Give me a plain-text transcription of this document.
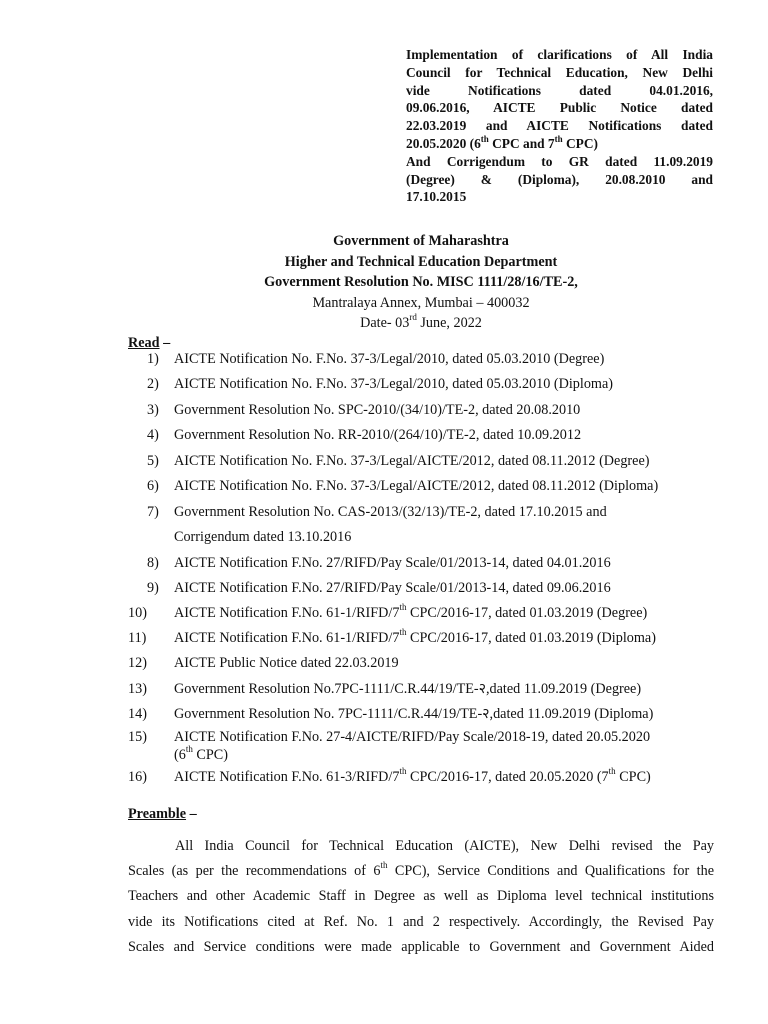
Implementation of clarifications of All India

Council for Technical Education, New Delhi

vide Notifications dated 04.01.2016,

09.06.2016, AICTE Public Notice dated

22.03.2019 and AICTE Notifications dated

20.05.2020 (6th CPC and 7th CPC)

And Corrigendum to GR dated 11.09.2019

(Degree) & (Diploma), 20.08.2010 and

17.10.2015

Government of Maharashtra
Higher and Technical Education Department
Government Resolution No. MISC 1111/28/16/TE-2,
Mantralaya Annex, Mumbai – 400032
Date- 03rd June, 2022
Read –
1) AICTE Notification No. F.No. 37-3/Legal/2010, dated 05.03.2010 (Degree)
2) AICTE Notification No. F.No. 37-3/Legal/2010, dated 05.03.2010 (Diploma)
3) Government Resolution No. SPC-2010/(34/10)/TE-2, dated 20.08.2010
4) Government Resolution No. RR-2010/(264/10)/TE-2, dated 10.09.2012
5) AICTE Notification No. F.No. 37-3/Legal/AICTE/2012, dated 08.11.2012 (Degree)
6) AICTE Notification No. F.No. 37-3/Legal/AICTE/2012, dated 08.11.2012 (Diploma)
7) Government Resolution No. CAS-2013/(32/13)/TE-2, dated 17.10.2015 and
Corrigendum dated 13.10.2016
8) AICTE Notification F.No. 27/RIFD/Pay Scale/01/2013-14, dated 04.01.2016
9) AICTE Notification F.No. 27/RIFD/Pay Scale/01/2013-14, dated 09.06.2016
10) AICTE Notification F.No. 61-1/RIFD/7th CPC/2016-17, dated 01.03.2019 (Degree)
11) AICTE Notification F.No. 61-1/RIFD/7th CPC/2016-17, dated 01.03.2019 (Diploma)
12) AICTE Public Notice dated 22.03.2019
13) Government Resolution No.7PC-1111/C.R.44/19/TE-२,dated 11.09.2019 (Degree)
14) Government Resolution No. 7PC-1111/C.R.44/19/TE-२,dated 11.09.2019 (Diploma)
15) AICTE Notification F.No. 27-4/AICTE/RIFD/Pay Scale/2018-19, dated 20.05.2020
(6th CPC)
16) AICTE Notification F.No. 61-3/RIFD/7th CPC/2016-17, dated 20.05.2020 (7th CPC)
Preamble –
All India Council for Technical Education (AICTE), New Delhi revised the Pay
Scales (as per the recommendations of 6th CPC), Service Conditions and Qualifications for the
Teachers and other Academic Staff in Degree as well as Diploma level technical institutions
vide its Notifications cited at Ref. No. 1 and 2 respectively. Accordingly, the Revised Pay
Scales and Service conditions were made applicable to Government and Government Aided
